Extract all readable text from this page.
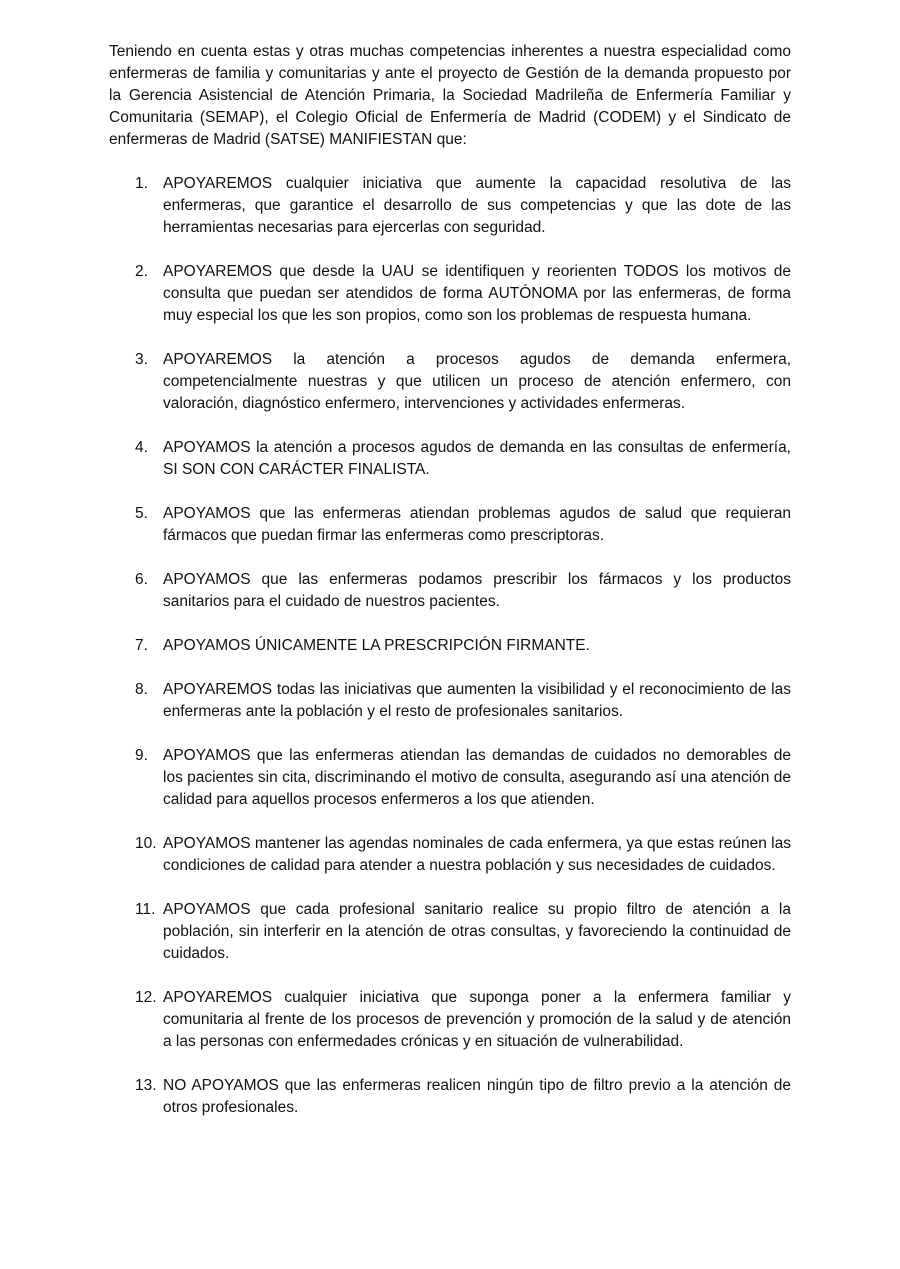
Teniendo en cuenta estas y otras muchas competencias inherentes a nuestra especialidad como enfermeras de familia y comunitarias y ante el proyecto de Gestión de la demanda propuesto por la Gerencia Asistencial de Atención Primaria, la Sociedad Madrileña de Enfermería Familiar y Comunitaria (SEMAP), el Colegio Oficial de Enfermería de Madrid (CODEM) y el Sindicato de enfermeras de Madrid (SATSE) MANIFIESTAN que:

1. APOYAREMOS cualquier iniciativa que aumente la capacidad resolutiva de las enfermeras, que garantice el desarrollo de sus competencias y que las dote de las herramientas necesarias para ejercerlas con seguridad.
2. APOYAREMOS que desde la UAU se identifiquen y reorienten TODOS los motivos de consulta que puedan ser atendidos de forma AUTÓNOMA por las enfermeras, de forma muy especial los que les son propios, como son los problemas de respuesta humana.
3. APOYAREMOS la atención a procesos agudos de demanda enfermera, competencialmente nuestras y que utilicen un proceso de atención enfermero, con valoración, diagnóstico enfermero, intervenciones y actividades enfermeras.
4. APOYAMOS la atención a procesos agudos de demanda en las consultas de enfermería, SI SON CON CARÁCTER FINALISTA.
5. APOYAMOS que las enfermeras atiendan problemas agudos de salud que requieran fármacos que puedan firmar las enfermeras como prescriptoras.
6. APOYAMOS que las enfermeras podamos prescribir los fármacos y los productos sanitarios para el cuidado de nuestros pacientes.
7. APOYAMOS ÚNICAMENTE LA PRESCRIPCIÓN FIRMANTE.
8. APOYAREMOS todas las iniciativas que aumenten la visibilidad y el reconocimiento de las enfermeras ante la población y el resto de profesionales sanitarios.
9. APOYAMOS que las enfermeras atiendan las demandas de cuidados no demorables de los pacientes sin cita, discriminando el motivo de consulta, asegurando así una atención de calidad para aquellos procesos enfermeros a los que atienden.
10. APOYAMOS mantener las agendas nominales de cada enfermera, ya que estas reúnen las condiciones de calidad para atender a nuestra población y sus necesidades de cuidados.
11. APOYAMOS que cada profesional sanitario realice su propio filtro de atención a la población, sin interferir en la atención de otras consultas, y favoreciendo la continuidad de cuidados.
12. APOYAREMOS cualquier iniciativa que suponga poner a la enfermera familiar y comunitaria al frente de los procesos de prevención y promoción de la salud y de atención a las personas con enfermedades crónicas y en situación de vulnerabilidad.
13. NO APOYAMOS que las enfermeras realicen ningún tipo de filtro previo a la atención de otros profesionales.
